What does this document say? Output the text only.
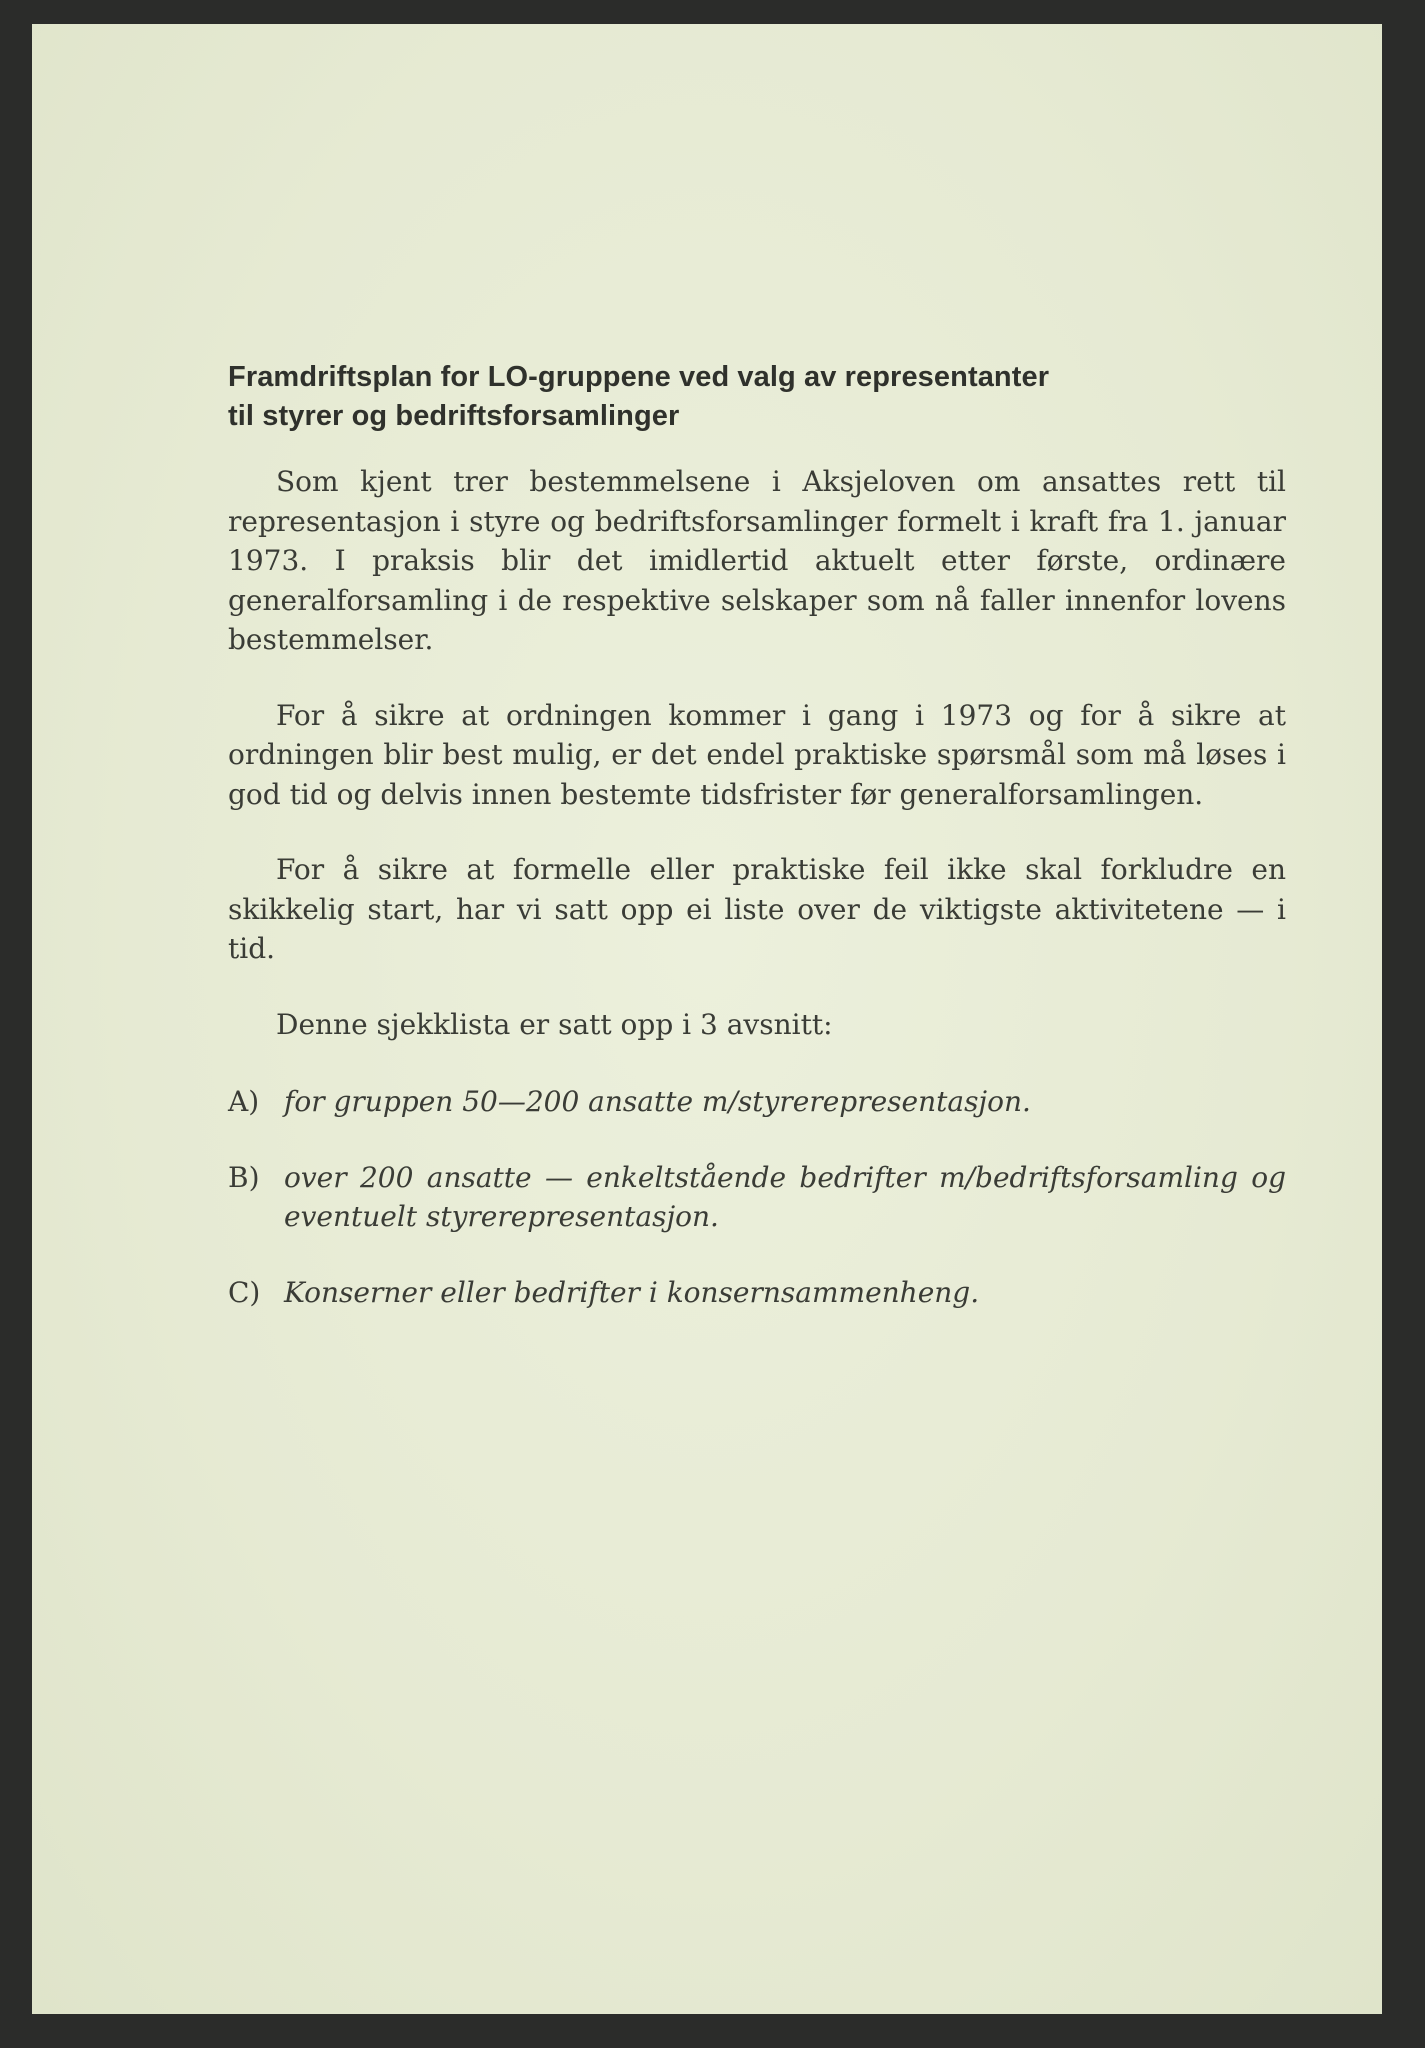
Framdriftsplan for LO-gruppene ved valg av representanter
til styrer og bedriftsforsamlinger

Som kjent trer bestemmelsene i Aksjeloven om ansattes rett til representasjon i styre og bedriftsforsamlinger formelt i kraft fra 1. januar 1973. I praksis blir det imidlertid aktuelt etter første, ordinære generalforsamling i de respektive selskaper som nå faller innenfor lovens bestemmelser.

For å sikre at ordningen kommer i gang i 1973 og for å sikre at ordningen blir best mulig, er det endel praktiske spørsmål som må løses i god tid og delvis innen bestemte tidsfrister før generalforsamlingen.

For å sikre at formelle eller praktiske feil ikke skal forkludre en skikkelig start, har vi satt opp ei liste over de viktigste aktivitetene — i tid.

Denne sjekklista er satt opp i 3 avsnitt:

A) for gruppen 50—200 ansatte m/styrerepresentasjon.
B) over 200 ansatte — enkeltstående bedrifter m/bedriftsforsamling og eventuelt styrerepresentasjon.
C) Konserner eller bedrifter i konsernsammenheng.
